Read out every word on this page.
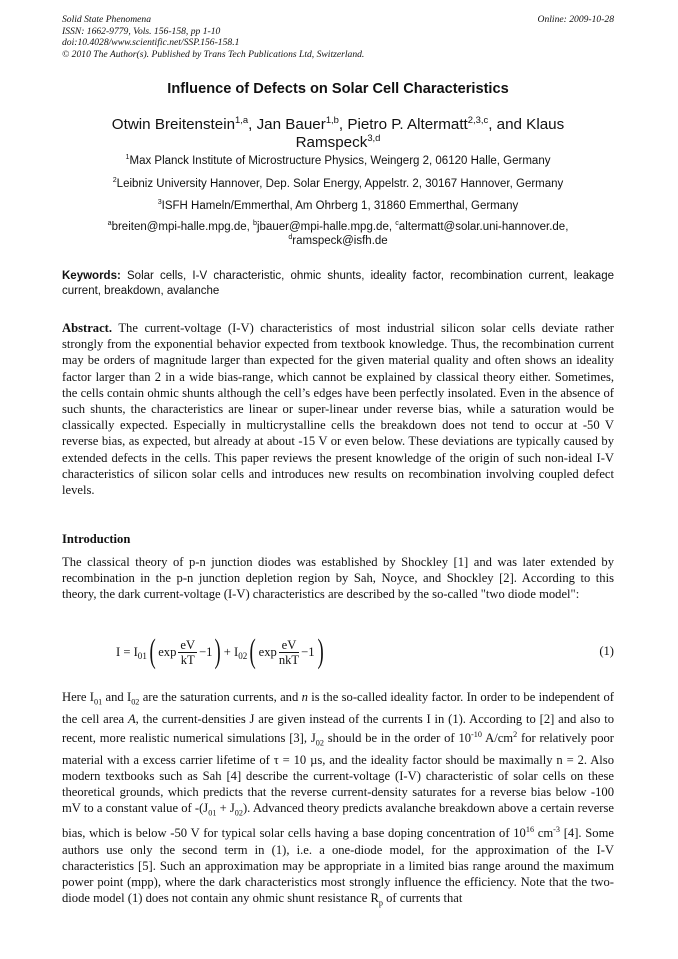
Solid State Phenomena
ISSN: 1662-9779, Vols. 156-158, pp 1-10
doi:10.4028/www.scientific.net/SSP.156-158.1
© 2010 The Author(s). Published by Trans Tech Publications Ltd, Switzerland.
Online: 2009-10-28
Influence of Defects on Solar Cell Characteristics
Otwin Breitenstein$^{1,a}$, Jan Bauer$^{1,b}$, Pietro P. Altermatt$^{2,3,c}$, and Klaus
Ramspeck$^{3,d}$
$^1$Max Planck Institute of Microstructure Physics, Weingerg 2, 06120 Halle, Germany
$^2$Leibniz University Hannover, Dep. Solar Energy, Appelstr. 2, 30167 Hannover, Germany
$^3$ISFH Hameln/Emmerthal, Am Ohrberg 1, 31860 Emmerthal, Germany
$^a$breiten@mpi-halle.mpg.de, $^b$jbauer@mpi-halle.mpg.de, $^c$altermatt@solar.uni-hannover.de,
$^d$ramspeck@isfh.de
Keywords: Solar cells, I-V characteristic, ohmic shunts, ideality factor, recombination current, leakage current, breakdown, avalanche
Abstract. The current-voltage (I-V) characteristics of most industrial silicon solar cells deviate rather strongly from the exponential behavior expected from textbook knowledge. Thus, the recombination current may be orders of magnitude larger than expected for the given material quality and often shows an ideality factor larger than 2 in a wide bias-range, which cannot be explained by classical theory either. Sometimes, the cells contain ohmic shunts although the cell’s edges have been perfectly insolated. Even in the absence of such shunts, the characteristics are linear or super-linear under reverse bias, while a saturation would be classically expected. Especially in multicrystalline cells the breakdown does not tend to occur at -50 V reverse bias, as expected, but already at about -15 V or even below. These deviations are typically caused by extended defects in the cells. This paper reviews the present knowledge of the origin of such non-ideal I-V characteristics of silicon solar cells and introduces new results on recombination involving coupled defect levels.
Introduction
The classical theory of p-n junction diodes was established by Shockley [1] and was later extended by recombination in the p-n junction depletion region by Sah, Noyce, and Shockley [2]. According to this theory, the dark current-voltage (I-V) characteristics are described by the so-called "two diode model":
I = I 01 ( $\exp \frac{eV}{kT} -1$ ) + I 02 ( $\exp \frac{eV}{\text{nkT}} -1$ )	(1)
Here $I_{01}$ and $I_{02}$ are the saturation currents, and n is the so-called ideality factor. In order to be independent of the cell area A, the current-densities J are given instead of the currents I in (1). According to [2] and also to recent, more realistic numerical simulations [3], $J_{02}$ should be in the order of $10^{-10}$ $A/cm^2$ for relatively poor material with a excess carrier lifetime of τ = 10 µs, and the ideality factor should be maximally n = 2. Also modern textbooks such as Sah [4] describe the current-voltage (I-V) characteristic of solar cells on these theoretical grounds, which predicts that the reverse current-density saturates for a reverse bias below -100 mV to a constant value of $-(J_{01} + J_{02})$. Advanced theory predicts avalanche breakdown above a certain reverse bias, which is below -50 V for typical solar cells having a base doping concentration of $10^{16}$ $cm^{-3}$ [4]. Some authors use only the second term in (1), i.e. a one-diode model, for the approximation of the I-V characteristics [5]. Such an approximation may be appropriate in a limited bias range around the maximum power point (mpp), where the dark characteristics most strongly influence the efficiency. Note that the two-diode model (1) does not contain any ohmic shunt resistance $R_p$ of currents that
